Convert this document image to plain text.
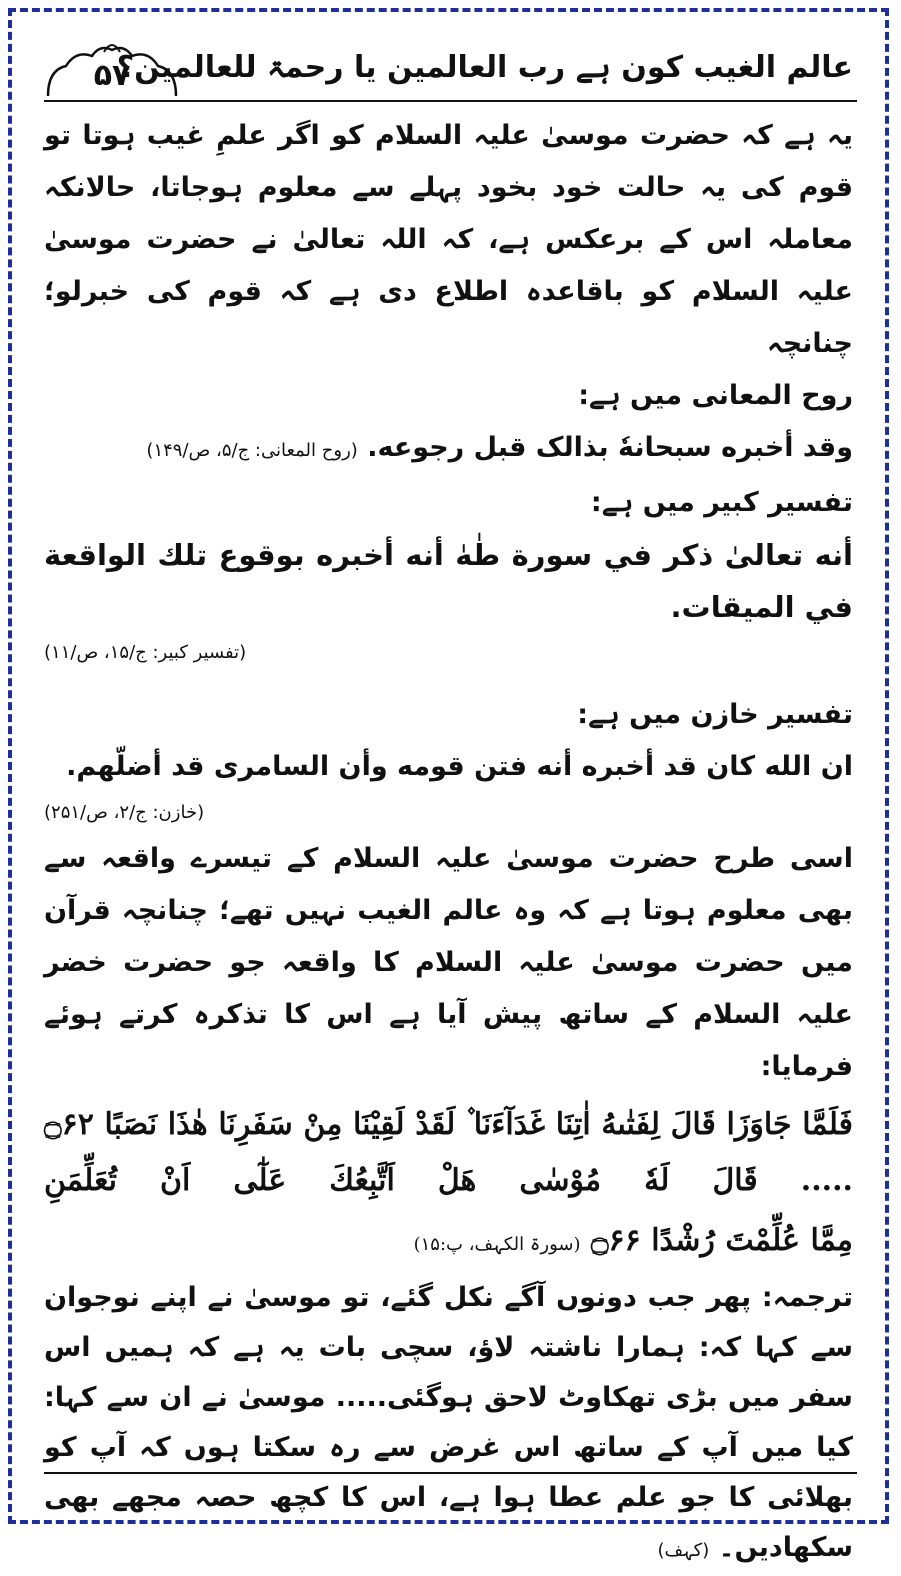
۵۷
عالم الغیب کون ہے رب العالمین یا رحمۃ للعالمین؟

یہ ہے کہ حضرت موسیٰ علیہ السلام کو اگر علمِ غیب ہوتا تو قوم کی یہ حالت خود بخود پہلے سے معلوم ہوجاتا، حالانکہ معاملہ اس کے برعکس ہے، کہ اللہ تعالیٰ نے حضرت موسیٰ علیہ السلام کو باقاعدہ اطلاع دی ہے کہ قوم کی خبرلو؛ چنانچہ

روح المعانی میں ہے:

وقد أخبره سبحانهٗ بذالک قبل رجوعه. (روح المعانی: ج/۵، ص/۱۴۹)

تفسیر کبیر میں ہے:

أنه تعالیٰ ذکر في سورة طٰهٰ أنه أخبره بوقوع تلك الواقعة في الميقات.

(تفسیر کبیر: ج/۱۵، ص/۱۱)

تفسیر خازن میں ہے:

ان الله کان قد أخبره أنه فتن قومه وأن السامری قد أضلّهم.

(خازن: ج/۲، ص/۲۵۱)

اسی طرح حضرت موسیٰ علیہ السلام کے تیسرے واقعہ سے بھی معلوم ہوتا ہے کہ وہ عالم الغیب نہیں تھے؛ چنانچہ قرآن میں حضرت موسیٰ علیہ السلام کا واقعہ جو حضرت خضر علیہ السلام کے ساتھ پیش آیا ہے اس کا تذکرہ کرتے ہوئے فرمایا:

فَلَمَّا جَاوَزَا قَالَ لِفَتٰىهُ اٰتِنَا غَدَآءَنَا ۫ لَقَدْ لَقِيْنَا مِنْ سَفَرِنَا هٰذَا نَصَبًا ۝۶۲ ..... قَالَ لَهٗ مُوْسٰى هَلْ اَتَّبِعُكَ عَلٰٓى اَنْ تُعَلِّمَنِ

مِمَّا عُلِّمْتَ رُشْدًا ۝۶۶ (سورۃ الکہف، پ:۱۵)

ترجمہ: پھر جب دونوں آگے نکل گئے، تو موسیٰ نے اپنے نوجوان سے کہا کہ: ہمارا ناشتہ لاؤ، سچی بات یہ ہے کہ ہمیں اس سفر میں بڑی تھکاوٹ لاحق ہوگئی..... موسیٰ نے ان سے کہا: کیا میں آپ کے ساتھ اس غرض سے رہ سکتا ہوں کہ آپ کو بھلائی کا جو علم عطا ہوا ہے، اس کا کچھ حصہ مجھے بھی سکھادیں۔ (کہف)
